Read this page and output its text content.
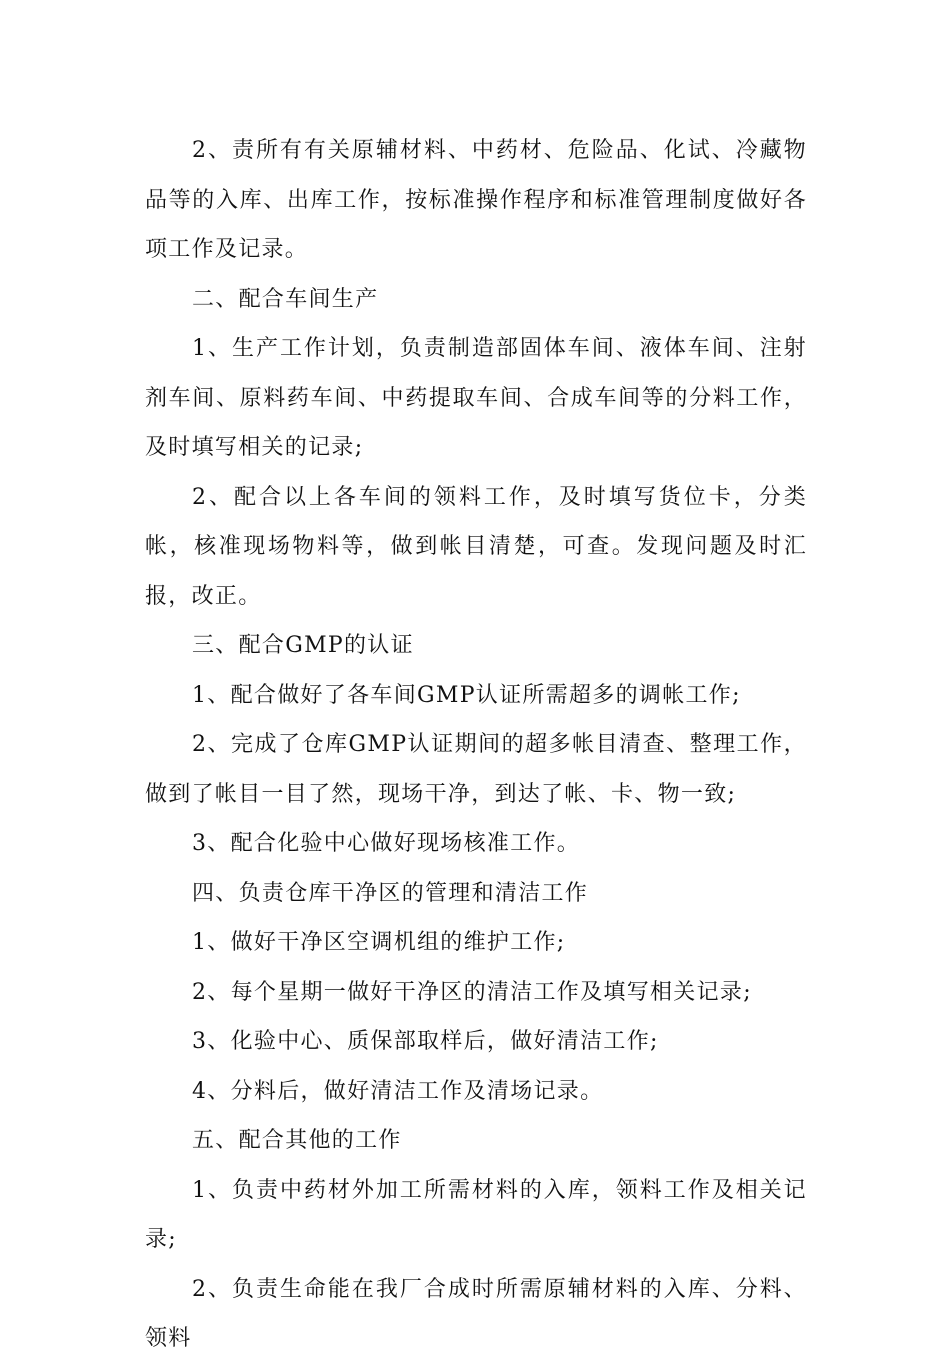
2、责所有有关原辅材料、中药材、危险品、化试、冷藏物品等的入库、出库工作，按标准操作程序和标准管理制度做好各项工作及记录。

二、配合车间生产

1、生产工作计划，负责制造部固体车间、液体车间、注射剂车间、原料药车间、中药提取车间、合成车间等的分料工作，及时填写相关的记录;

2、配合以上各车间的领料工作，及时填写货位卡，分类帐，核准现场物料等，做到帐目清楚，可查。发现问题及时汇报，改正。

三、配合GMP的认证

1、配合做好了各车间GMP认证所需超多的调帐工作;

2、完成了仓库GMP认证期间的超多帐目清查、整理工作，做到了帐目一目了然，现场干净，到达了帐、卡、物一致;

3、配合化验中心做好现场核准工作。

四、负责仓库干净区的管理和清洁工作

1、做好干净区空调机组的维护工作;

2、每个星期一做好干净区的清洁工作及填写相关记录;

3、化验中心、质保部取样后，做好清洁工作;

4、分料后，做好清洁工作及清场记录。

五、配合其他的工作

1、负责中药材外加工所需材料的入库，领料工作及相关记录;

2、负责生命能在我厂合成时所需原辅材料的入库、分料、领料
